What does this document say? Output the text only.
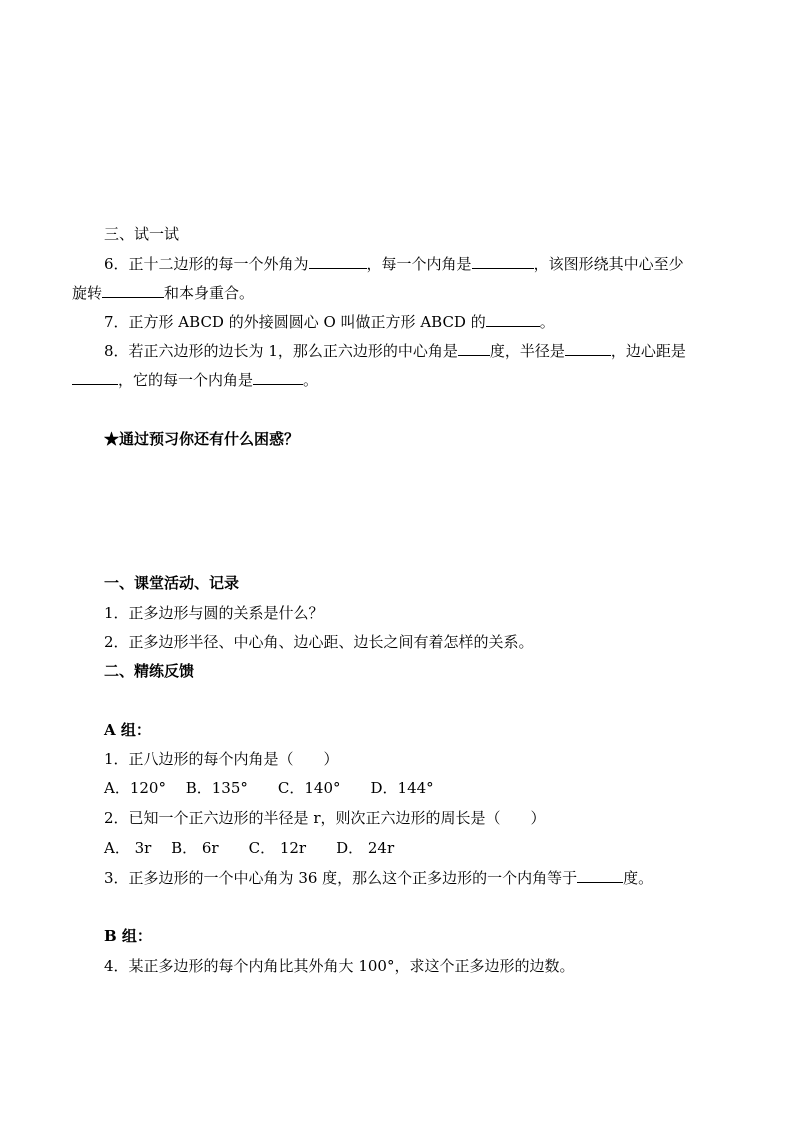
三、试一试
6．正十二边形的每一个外角为	，每一个内角是	，该图形绕其中心至少
旋转	和本身重合。
7．正方形 ABCD 的外接圆圆心 O 叫做正方形 ABCD 的	。
8．若正六边形的边长为 1，那么正六边形的中心角是 度，半径是	，边心距是
，它的每一个内角是	。
★通过预习你还有什么困惑？
一、课堂活动、记录
1．正多边形与圆的关系是什么？
2．正多边形半径、中心角、边心距、边长之间有着怎样的关系。
二、精练反馈
A 组：
1．正八边形的每个内角是（　　）
A．120°　 B．135°　　C．140°　　D．144°
2．已知一个正六边形的半径是 r，则次正六边形的周长是（　　）
A． 3r　 B． 6r　　C． 12r　　D． 24r
3．正多边形的一个中心角为 36 度，那么这个正多边形的一个内角等于	度。
B 组：
4．某正多边形的每个内角比其外角大 100°，求这个正多边形的边数。
